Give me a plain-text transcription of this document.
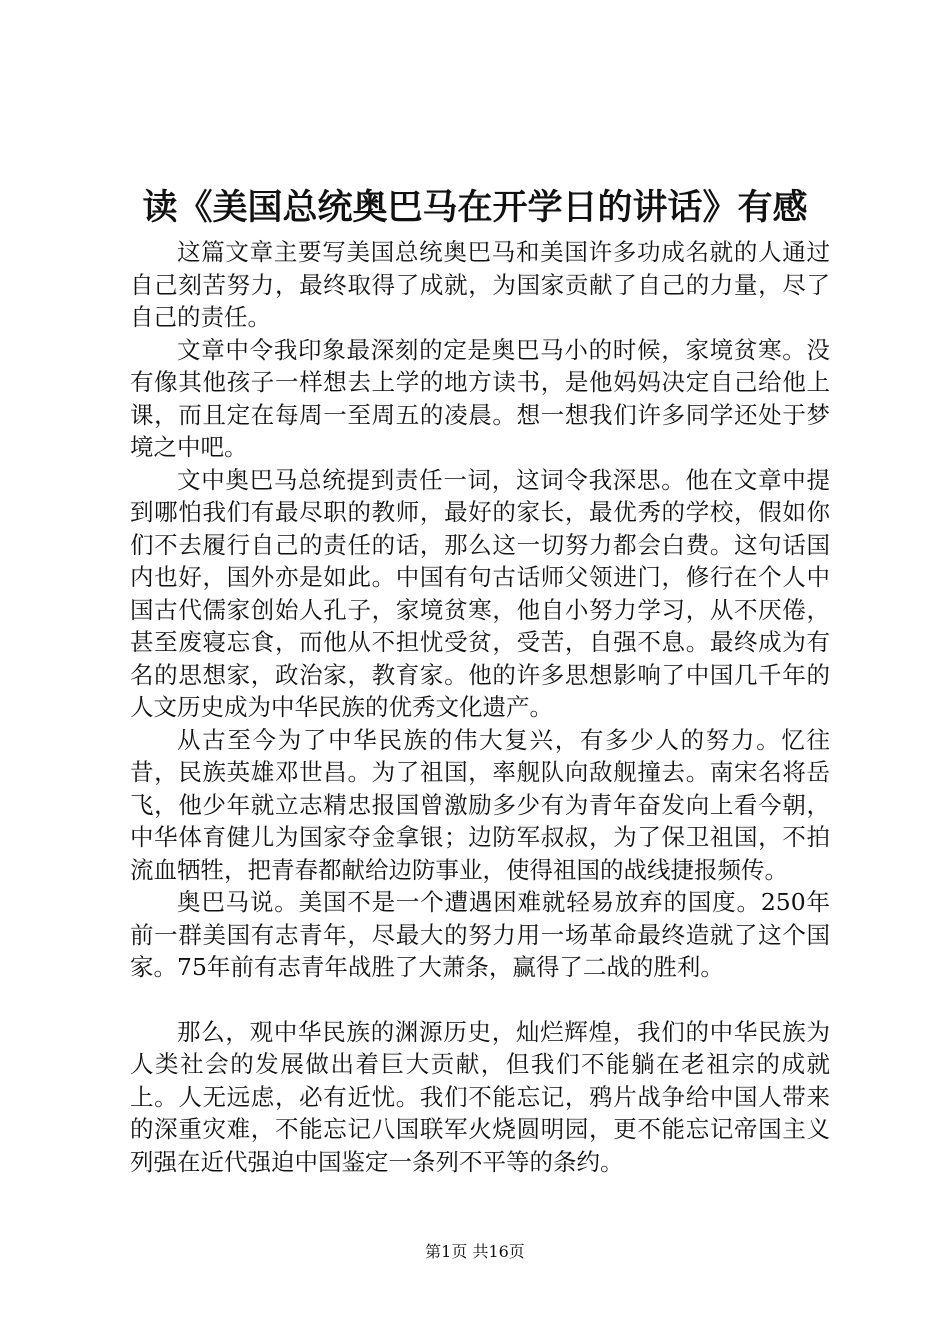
读《美国总统奥巴马在开学日的讲话》有感

这篇文章主要写美国总统奥巴马和美国许多功成名就的人通过自己刻苦努力，最终取得了成就，为国家贡献了自己的力量，尽了自己的责任。

文章中令我印象最深刻的定是奥巴马小的时候，家境贫寒。没有像其他孩子一样想去上学的地方读书，是他妈妈决定自己给他上课，而且定在每周一至周五的凌晨。想一想我们许多同学还处于梦境之中吧。

文中奥巴马总统提到责任一词，这词令我深思。他在文章中提到哪怕我们有最尽职的教师，最好的家长，最优秀的学校，假如你们不去履行自己的责任的话，那么这一切努力都会白费。这句话国内也好，国外亦是如此。中国有句古话师父领进门，修行在个人中国古代儒家创始人孔子，家境贫寒，他自小努力学习，从不厌倦，甚至废寝忘食，而他从不担忧受贫，受苦，自强不息。最终成为有名的思想家，政治家，教育家。他的许多思想影响了中国几千年的人文历史成为中华民族的优秀文化遗产。

从古至今为了中华民族的伟大复兴，有多少人的努力。忆往昔，民族英雄邓世昌。为了祖国，率舰队向敌舰撞去。南宋名将岳飞，他少年就立志精忠报国曾激励多少有为青年奋发向上看今朝，中华体育健儿为国家夺金拿银；边防军叔叔，为了保卫祖国，不拍流血牺牲，把青春都献给边防事业，使得祖国的战线捷报频传。

奥巴马说。美国不是一个遭遇困难就轻易放弃的国度。250年前一群美国有志青年，尽最大的努力用一场革命最终造就了这个国家。75年前有志青年战胜了大萧条，赢得了二战的胜利。

那么，观中华民族的渊源历史，灿烂辉煌，我们的中华民族为人类社会的发展做出着巨大贡献，但我们不能躺在老祖宗的成就上。人无远虑，必有近忧。我们不能忘记，鸦片战争给中国人带来的深重灾难，不能忘记八国联军火烧圆明园，更不能忘记帝国主义列强在近代强迫中国鉴定一条列不平等的条约。

第1页 共16页
